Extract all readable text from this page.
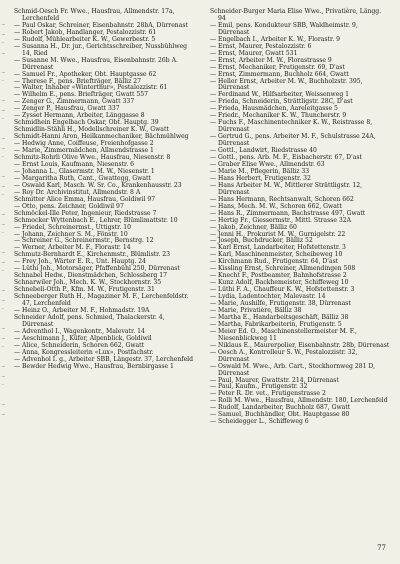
–
–
·
–

–
·

–
–
·

–
–
·

–
–
·

–
–
·

–
–
·

–
–
·

–
–
·

–
–
·

–
–
Schmid-Oesch Fr. Wwe., Hausfrau, Allmendstr. 17a, Lerchenfeld
— Paul Oskar, Schreiner, Eisenbahnstr. 28bA, Dürrenast
— Robert Jakob, Handlanger, Pestalozzistr. 61
— Rudolf, Mühlearbeiter K. W., Gewerbestr. 5
— Susanna H., Dr. jur., Gerichtsschreiber, Nussbühlweg 14, Ried
— Susanne M. Wwe., Hausfrau, Eisenbahnstr. 26b A. Dürrenast
— Samuel Fr., Apotheker, Obt. Hauptgasse 62
— Therese F., pens. Briefträger, Bälliz 27
— Walter, Inhaber «Winterthur», Pestalozzistr. 61
— Wilhelm E., pens. Briefträger, Gwatt 557
— Zenger G., Zimmermann, Gwatt 337
— Zenger P., Hausfrau, Gwatt 337
— Zysset Hermann, Arbeiter, Länggasse 8
Schmidhein Engelbach Oskar, Obt. Hauptg. 39
Schmidlin-Stähli H., Modellschreiner K. W., Gwatt
Schmidt-Hanni Aron, Heilkanmechaniker, Bächmühlweg
— Hedwig Anne, Coiffeuse, Freienhofgasse 2
— Marie, Zimmermädchen, Allmendstrasse 1
Schmitz-Rohrli Olive Wwe., Hausfrau, Niesenstr. 8
— Ernst Louis, Kaufmann, Niesenstr. 6
— Johanna L., Glasermstr. M. W., Niesenstr. 1
— Margaritha Ruth, Cant., Gwattegg, Gwatt
— Oswald Karl, Masch. W. Sr. Co., Krankenhausstr. 23
— Roy Dr. Archivinstitut, Allmendstr. 8 A
Schmitter Alice Emma, Hausfrau, Goldiwil 97
— Otto, pens. Zeichner, Goldiwil 97
Schmöckel-Ille Peter, Ingenieur, Riedstrasse 7
Schmocker Wyttenbach E., Lehrer, Blümlimattstr. 10
— Friedel, Schreinermst., Uttigstr. 10
— Johann, Zeichner S. M., Fönstr. 10
— Schreiner G., Schreinermstr., Bernstrg. 12
— Werner, Arbeiter M. F., Florastr. 14
Schmutz-Bernhardt E., Kirchenmstr., Blümlistr. 23
— Frey Joh., Wärter E. R., Unt. Hauptg. 24
— Lüthi Joh., Motorsäger, Pfaffenbühl 250, Dürrenast
Schnabel Hedw., Dienstmädchen, Schlossberg 17
Schnarwiler Joh., Mech. K. W., Stockhornstr. 35
Schnebeli-Otth P., Kfm. M. W., Frutigenstr. 31
Schneeberger Ruth H., Magaziner M. F., Lerchenfeldstr. 47, Lerchenfeld
— Heinz O., Arbeiter M. F., Hohmadstr. 19A
Schneider Adolf, pens. Schmied, Thalackerstr. 4, Dürrenast
— Adventhol I., Wagenkontr., Malevatr. 14
— Aeschimann J., Küfer, Alpenblick, Goldiwil
— Alice, Schneiderin, Schoren 662, Gwatt
— Anna, Kongressleiterin «Lux», Postfachstr.
— Advenhol I. g., Arbeiter SBB, Längestr. 37, Lerchenfeld
— Bewder Hedwig Wwe., Hausfrau, Bernbirgasse 1
Schneider-Burger Maria Elise Wwe., Privatière, Längg. 94
— Emil, pens. Kondukteur SBB, Waldheimstr. 9, Dürrenast
— Engelbach I., Arbeiter K. W., Florastr. 9
— Ernst, Maurer, Pestalozzistr. 6
— Ernst, Maurer, Gwatt 531
— Ernst, Arbeiter M. W., Florastrasse 9
— Ernst, Mechaniker, Frutigenstr. 69, D'ast
— Ernst, Zimmermann, Buchholz 664, Gwatt
— Heller Ernst, Arbeiter M. W., Buchholzstr. 395, Dürrenast
— Ferdinand W., Hilfsarbeiter, Weissenweg 1
— Frieda, Schneiderin, Strättligstr. 28C, D'ast
— Frieda, Hausmädchen, Aareleitgasse 5
— Friedr., Mechaniker K. W., Thuncherstr. 9
— Fuchs F., Maschinentechniker K. W., Reistrasse 8, Dürrenast
— Gertrud G., pens. Arbeiter M. F., Schulstrasse 24A, Dürrenast
— Gottl., Landwirt, Riedstrasse 40
— Gottl., pens. Arb. M. F., Eisbacherstr. 67, D'ast
— Graber Elise Wwe., Allmendstr. 63
— Marie M., Pflegerin, Bälliz 33
— Hans Herbert, Frutigenstr. 32
— Hans Arbeiter M. W., Mittlerer Strättligstr. 12, Dürrenast
— Hans Hermann, Rechtsanwalt, Schoren 662
— Hans, Mech. M. W., Schoren 662, Gwatt
— Hans R., Zimmermann, Bachstrasse 497, Gwatt
— Hertig Fr., Giessermstr., Mittl. Strasse 32A
— Jakob, Zeichner, Bälliz 60
— Jenni H., Prokurist M. W., Gurnigelstr. 22
— Joseph, Buchdrucker, Bälliz 52
— Karl Ernst, Landarbeiter, Hofstettenstr. 3
— Karl, Maschinenmeister, Scheibeweg 10
— Kirchmann Rud., Frutigenstr. 64, D'ast
— Kissling Ernst, Schreiner, Allmendingen 508
— Knecht F., Postbeamter, Bahnhofstrasse 2
— Kunz Adolf, Backhemeister, Schiffeweg 10
— Lüthi F. A., Chauffeur K. W., Hofstettenstr. 3
— Lydia, Ladentochter, Malevastr. 14
— Marie, Aushilfe, Frutigenstr. 38, Dürrenast
— Marie, Privatière, Bälliz 38
— Martha E., Handarbeitsgeschäft, Bälliz 38
— Martha, Fabrikarbeiterin, Frutigenstr. 5
— Meier Ed. O., Maschinenstellermeister M. F., Niesenblickweg 11
— Niklaus E., Maurerpolier, Eisenbahnstr. 28b, Dürrenast
— Oesch A., Kontrolleur S. W., Pestalozzistr. 32, Dürrenast
— Oswald M. Wwe., Arb. Cart., Stockhornweg 281 D, Dürrenast
— Paul, Maurer, Gwattstr. 214, Dürrenast
— Paul, Kaufm., Frutigenstr. 32
— Peter R. Dr. vet., Frutigenstrasse 2
— Rolli M. Wwe., Hausfrau, Allmendstr. 180, Lerchenfeld
— Rudolf, Landarbeiter, Buchholz 687, Gwatt
— Samuel, Buchhändler, Obt. Hauptgasse 80
— Scheidegger L., Schiffeweg 6
77
